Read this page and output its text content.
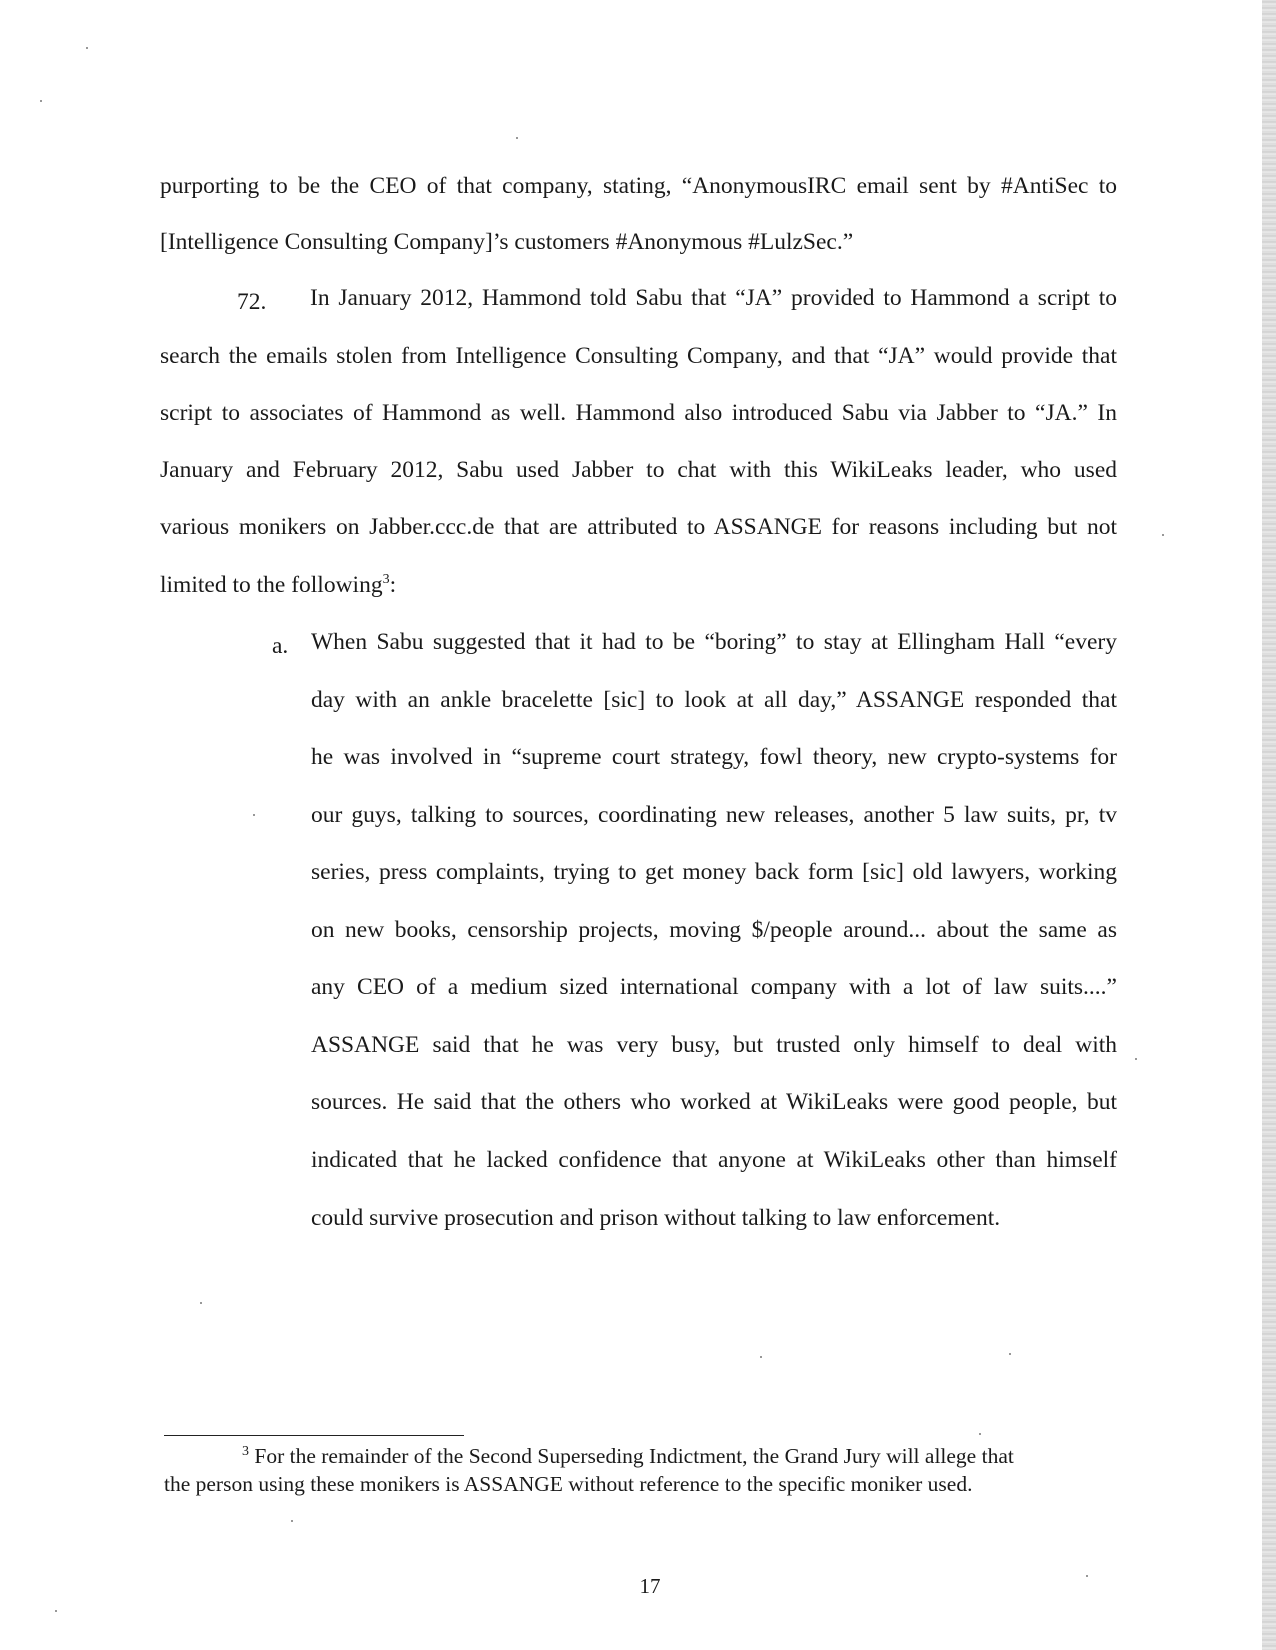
purporting to be the CEO of that company, stating, “AnonymousIRC email sent by #AntiSec to
[Intelligence Consulting Company]’s customers #Anonymous #LulzSec.”
72. In January 2012, Hammond told Sabu that “JA” provided to Hammond a script to
search the emails stolen from Intelligence Consulting Company, and that “JA” would provide that
script to associates of Hammond as well. Hammond also introduced Sabu via Jabber to “JA.” In
January and February 2012, Sabu used Jabber to chat with this WikiLeaks leader, who used
various monikers on Jabber.ccc.de that are attributed to ASSANGE for reasons including but not
limited to the following$^3$:
a. When Sabu suggested that it had to be “boring” to stay at Ellingham Hall “every
day with an ankle bracelette [sic] to look at all day,” ASSANGE responded that
he was involved in “supreme court strategy, fowl theory, new crypto-systems for
our guys, talking to sources, coordinating new releases, another 5 law suits, pr, tv
series, press complaints, trying to get money back form [sic] old lawyers, working
on new books, censorship projects, moving $/people around... about the same as
any CEO of a medium sized international company with a lot of law suits....”
ASSANGE said that he was very busy, but trusted only himself to deal with
sources. He said that the others who worked at WikiLeaks were good people, but
indicated that he lacked confidence that anyone at WikiLeaks other than himself
could survive prosecution and prison without talking to law enforcement.
$^3$ For the remainder of the Second Superseding Indictment, the Grand Jury will allege that
the person using these monikers is ASSANGE without reference to the specific moniker used.
17
